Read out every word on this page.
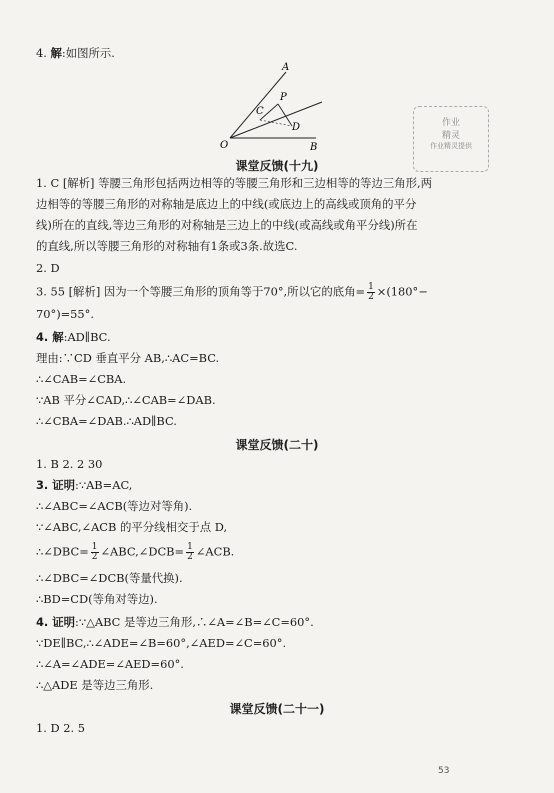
4. 解:如图所示.
A
P
C
D
O	B
作业
精灵
作业精灵提供
课堂反馈(十九)
1. C [解析] 等腰三角形包括两边相等的等腰三角形和三边相等的等边三角形,两
边相等的等腰三角形的对称轴是底边上的中线(或底边上的高线或顶角的平分
线)所在的直线,等边三角形的对称轴是三边上的中线(或高线或角平分线)所在
的直线,所以等腰三角形的对称轴有1条或3条.故选C.
2. D
3. 55 [解析] 因为一个等腰三角形的顶角等于70°,所以它的底角= $\frac{1}{2} \times(180^\circ-$
70°)=55°.
4. 解:AD∥BC.
理由:∵CD 垂直平分 AB,∴AC=BC.
∴∠CAB=∠CBA.
∵AB 平分∠CAD,∴∠CAB=∠DAB.
∴∠CBA=∠DAB.∴AD∥BC.
课堂反馈(二十)
1. B 2. 2 30
3. 证明:∵AB=AC,
∴∠ABC=∠ACB(等边对等角).
∵∠ABC,∠ACB 的平分线相交于点 D,
∴∠DBC= $\frac{1}{2}$ ∠ABC,∠DCB= $\frac{1}{2}$ ∠ACB.
∴∠DBC=∠DCB(等量代换).
∴BD=CD(等角对等边).
4. 证明:∵△ABC 是等边三角形,∴∠A=∠B=∠C=60°.
∵DE∥BC,∴∠ADE=∠B=60°,∠AED=∠C=60°.
∴∠A=∠ADE=∠AED=60°.
∴△ADE 是等边三角形.
课堂反馈(二十一)
1. D 2. 5
53
